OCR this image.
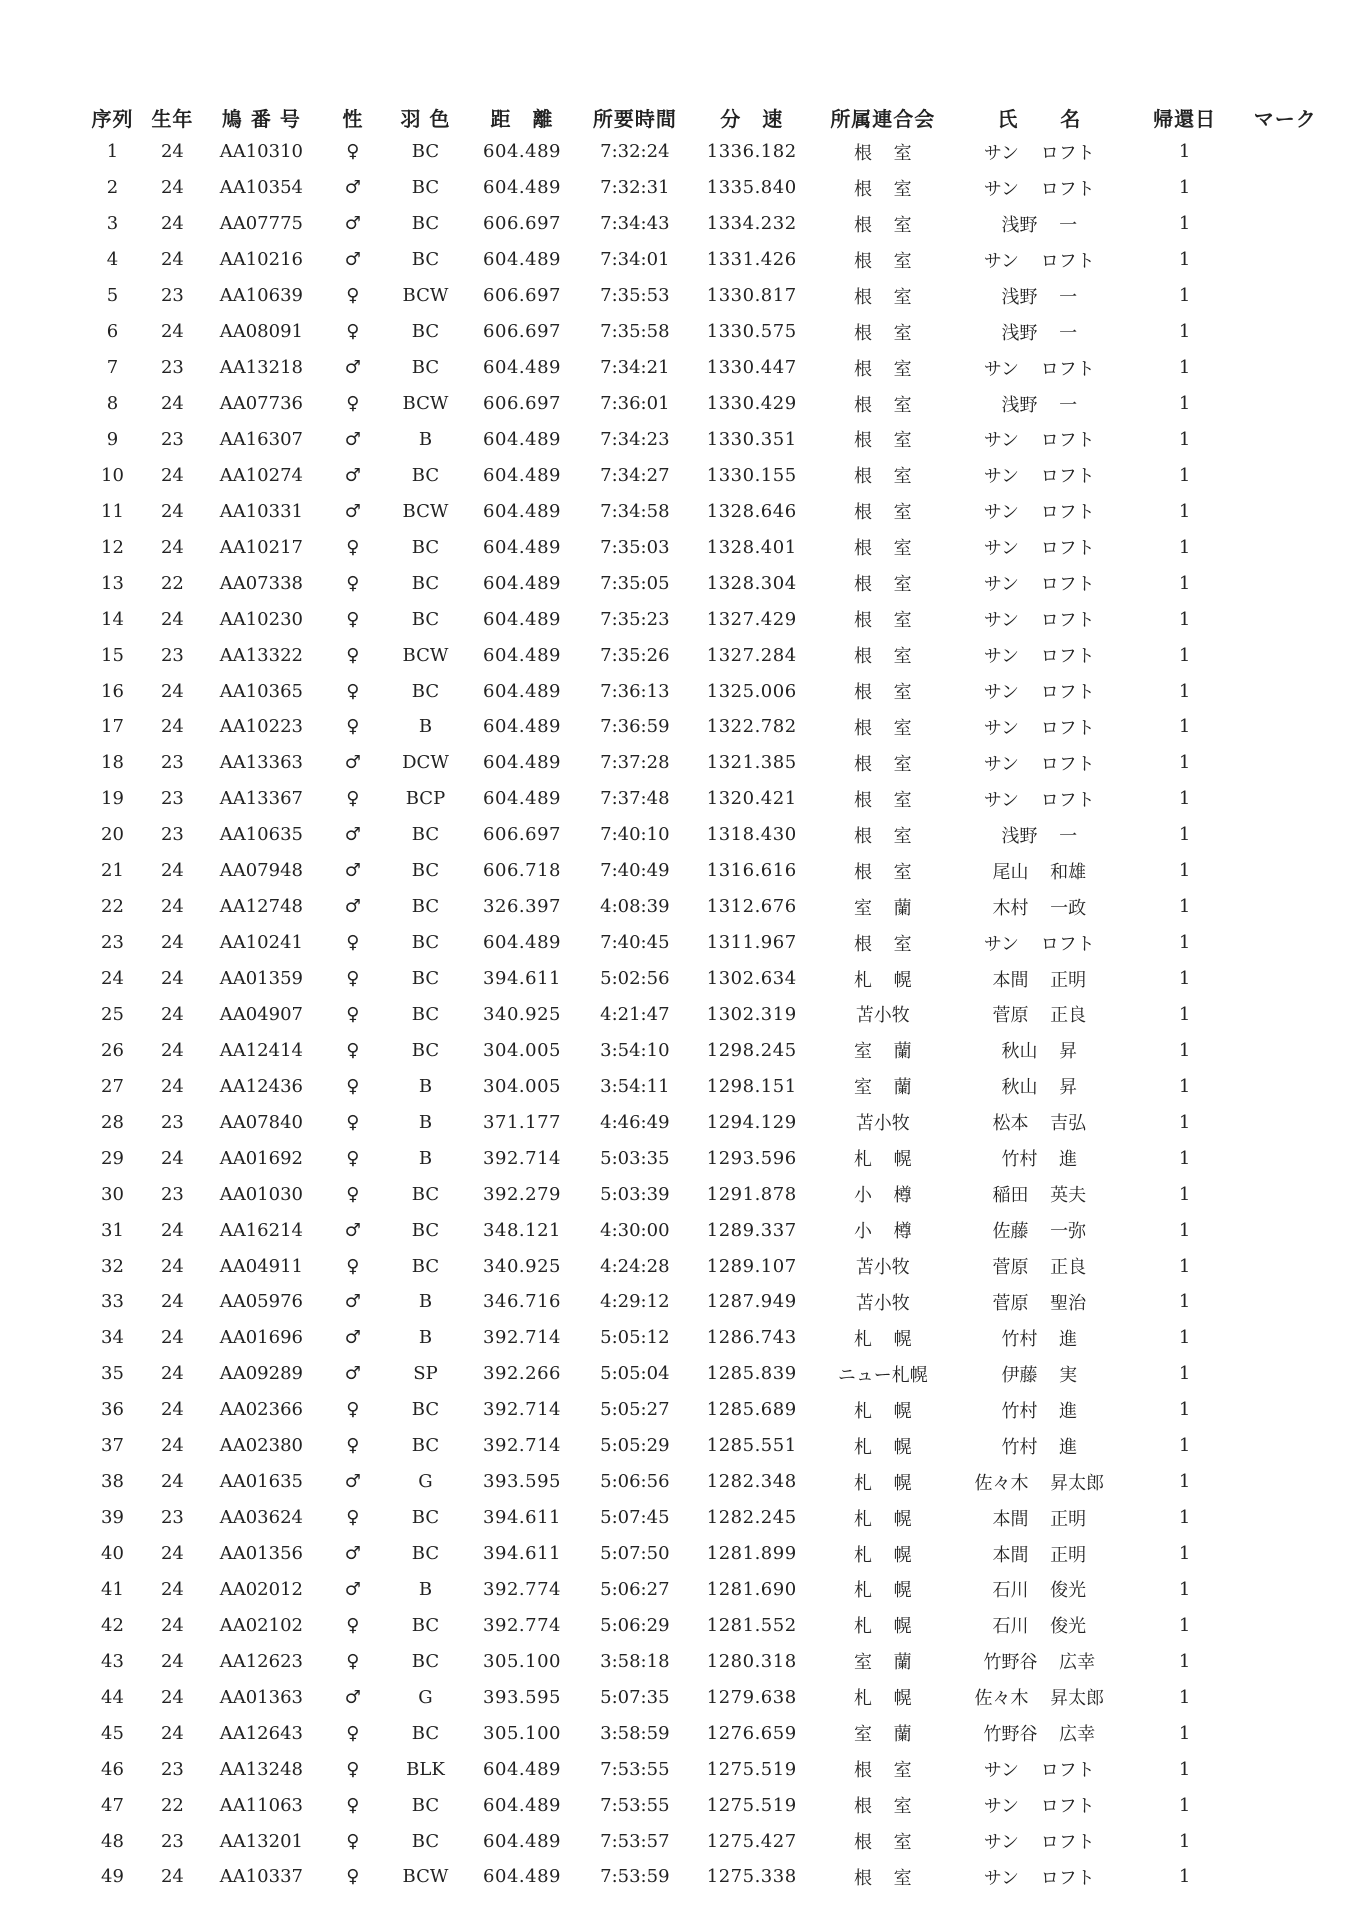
序列	生年	鳩 番 号	性	羽 色	距　離	所要時間	分　速	所属連合会	氏　　名	帰還日	マーク
1	24	AA10310	♀	BC	604.489	7:32:24	1336.182	根 室	サン ロフト	1	
2	24	AA10354	♂	BC	604.489	7:32:31	1335.840	根 室	サン ロフト	1	
3	24	AA07775	♂	BC	606.697	7:34:43	1334.232	根 室	浅野 一	1	
4	24	AA10216	♂	BC	604.489	7:34:01	1331.426	根 室	サン ロフト	1	
5	23	AA10639	♀	BCW	606.697	7:35:53	1330.817	根 室	浅野 一	1	
6	24	AA08091	♀	BC	606.697	7:35:58	1330.575	根 室	浅野 一	1	
7	23	AA13218	♂	BC	604.489	7:34:21	1330.447	根 室	サン ロフト	1	
8	24	AA07736	♀	BCW	606.697	7:36:01	1330.429	根 室	浅野 一	1	
9	23	AA16307	♂	B	604.489	7:34:23	1330.351	根 室	サン ロフト	1	
10	24	AA10274	♂	BC	604.489	7:34:27	1330.155	根 室	サン ロフト	1	
11	24	AA10331	♂	BCW	604.489	7:34:58	1328.646	根 室	サン ロフト	1	
12	24	AA10217	♀	BC	604.489	7:35:03	1328.401	根 室	サン ロフト	1	
13	22	AA07338	♀	BC	604.489	7:35:05	1328.304	根 室	サン ロフト	1	
14	24	AA10230	♀	BC	604.489	7:35:23	1327.429	根 室	サン ロフト	1	
15	23	AA13322	♀	BCW	604.489	7:35:26	1327.284	根 室	サン ロフト	1	
16	24	AA10365	♀	BC	604.489	7:36:13	1325.006	根 室	サン ロフト	1	
17	24	AA10223	♀	B	604.489	7:36:59	1322.782	根 室	サン ロフト	1	
18	23	AA13363	♂	DCW	604.489	7:37:28	1321.385	根 室	サン ロフト	1	
19	23	AA13367	♀	BCP	604.489	7:37:48	1320.421	根 室	サン ロフト	1	
20	23	AA10635	♂	BC	606.697	7:40:10	1318.430	根 室	浅野 一	1	
21	24	AA07948	♂	BC	606.718	7:40:49	1316.616	根 室	尾山 和雄	1	
22	24	AA12748	♂	BC	326.397	4:08:39	1312.676	室 蘭	木村 一政	1	
23	24	AA10241	♀	BC	604.489	7:40:45	1311.967	根 室	サン ロフト	1	
24	24	AA01359	♀	BC	394.611	5:02:56	1302.634	札 幌	本間 正明	1	
25	24	AA04907	♀	BC	340.925	4:21:47	1302.319	苫小牧	菅原 正良	1	
26	24	AA12414	♀	BC	304.005	3:54:10	1298.245	室 蘭	秋山 昇	1	
27	24	AA12436	♀	B	304.005	3:54:11	1298.151	室 蘭	秋山 昇	1	
28	23	AA07840	♀	B	371.177	4:46:49	1294.129	苫小牧	松本 吉弘	1	
29	24	AA01692	♀	B	392.714	5:03:35	1293.596	札 幌	竹村 進	1	
30	23	AA01030	♀	BC	392.279	5:03:39	1291.878	小 樽	稲田 英夫	1	
31	24	AA16214	♂	BC	348.121	4:30:00	1289.337	小 樽	佐藤 一弥	1	
32	24	AA04911	♀	BC	340.925	4:24:28	1289.107	苫小牧	菅原 正良	1	
33	24	AA05976	♂	B	346.716	4:29:12	1287.949	苫小牧	菅原 聖治	1	
34	24	AA01696	♂	B	392.714	5:05:12	1286.743	札 幌	竹村 進	1	
35	24	AA09289	♂	SP	392.266	5:05:04	1285.839	ニュー札幌	伊藤 実	1	
36	24	AA02366	♀	BC	392.714	5:05:27	1285.689	札 幌	竹村 進	1	
37	24	AA02380	♀	BC	392.714	5:05:29	1285.551	札 幌	竹村 進	1	
38	24	AA01635	♂	G	393.595	5:06:56	1282.348	札 幌	佐々木 昇太郎	1	
39	23	AA03624	♀	BC	394.611	5:07:45	1282.245	札 幌	本間 正明	1	
40	24	AA01356	♂	BC	394.611	5:07:50	1281.899	札 幌	本間 正明	1	
41	24	AA02012	♂	B	392.774	5:06:27	1281.690	札 幌	石川 俊光	1	
42	24	AA02102	♀	BC	392.774	5:06:29	1281.552	札 幌	石川 俊光	1	
43	24	AA12623	♀	BC	305.100	3:58:18	1280.318	室 蘭	竹野谷 広幸	1	
44	24	AA01363	♂	G	393.595	5:07:35	1279.638	札 幌	佐々木 昇太郎	1	
45	24	AA12643	♀	BC	305.100	3:58:59	1276.659	室 蘭	竹野谷 広幸	1	
46	23	AA13248	♀	BLK	604.489	7:53:55	1275.519	根 室	サン ロフト	1	
47	22	AA11063	♀	BC	604.489	7:53:55	1275.519	根 室	サン ロフト	1	
48	23	AA13201	♀	BC	604.489	7:53:57	1275.427	根 室	サン ロフト	1	
49	24	AA10337	♀	BCW	604.489	7:53:59	1275.338	根 室	サン ロフト	1	
